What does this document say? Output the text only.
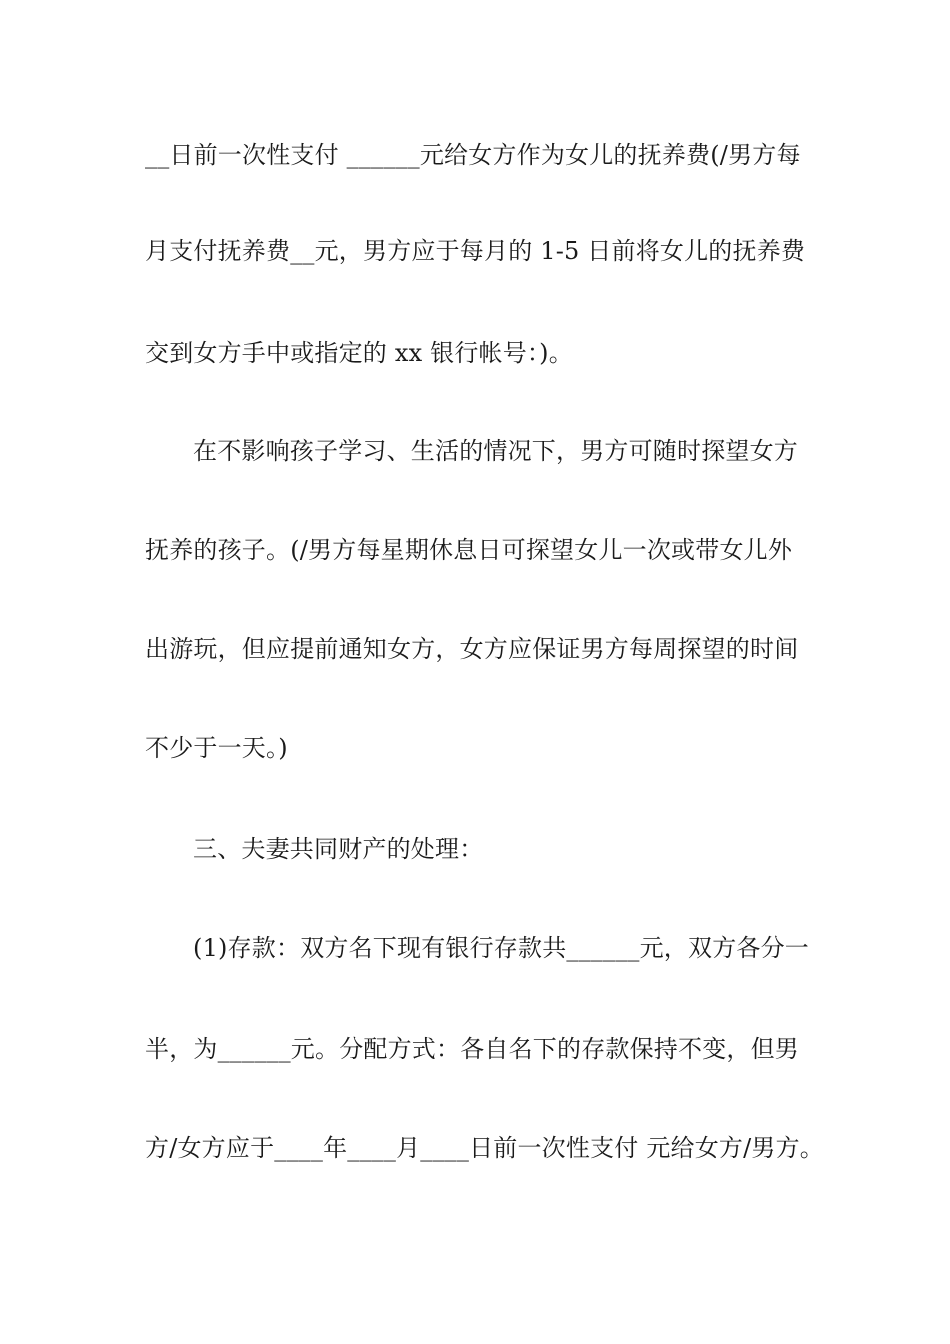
__日前一次性支付 ______元给女方作为女儿的抚养费(/男方每
月支付抚养费__元，男方应于每月的 1-5 日前将女儿的抚养费
交到女方手中或指定的 xx 银行帐号：)。
在不影响孩子学习、生活的情况下，男方可随时探望女方
抚养的孩子。(/男方每星期休息日可探望女儿一次或带女儿外
出游玩，但应提前通知女方，女方应保证男方每周探望的时间
不少于一天。)
三、夫妻共同财产的处理：
(1)存款：双方名下现有银行存款共______元，双方各分一
半，为______元。分配方式：各自名下的存款保持不变，但男
方/女方应于____年____月____日前一次性支付 元给女方/男方。
